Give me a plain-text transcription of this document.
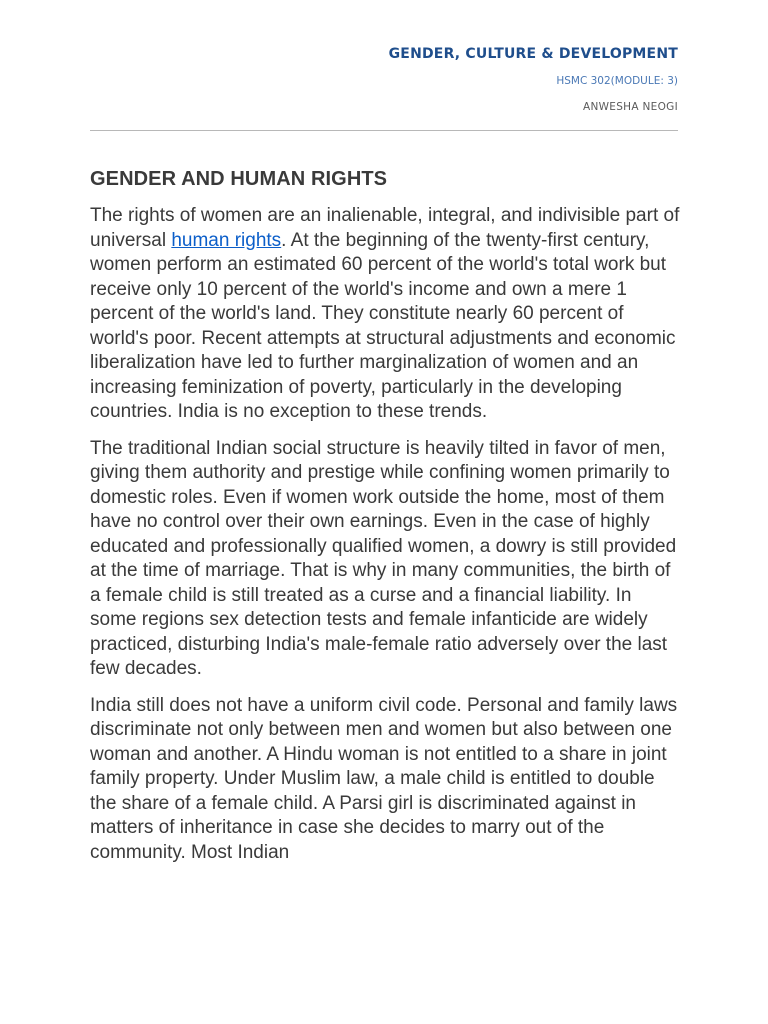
GENDER, CULTURE & DEVELOPMENT
HSMC 302(MODULE: 3)
ANWESHA NEOGI
GENDER AND HUMAN RIGHTS

The rights of women are an inalienable, integral, and indivisible part of universal human rights. At the beginning of the twenty-first century, women perform an estimated 60 percent of the world's total work but receive only 10 percent of the world's income and own a mere 1 percent of the world's land. They constitute nearly 60 percent of world's poor. Recent attempts at structural adjustments and economic liberalization have led to further marginalization of women and an increasing feminization of poverty, particularly in the developing countries. India is no exception to these trends.

The traditional Indian social structure is heavily tilted in favor of men, giving them authority and prestige while confining women primarily to domestic roles. Even if women work outside the home, most of them have no control over their own earnings. Even in the case of highly educated and professionally qualified women, a dowry is still provided at the time of marriage. That is why in many communities, the birth of a female child is still treated as a curse and a financial liability. In some regions sex detection tests and female infanticide are widely practiced, disturbing India's male-female ratio adversely over the last few decades.

India still does not have a uniform civil code. Personal and family laws discriminate not only between men and women but also between one woman and another. A Hindu woman is not entitled to a share in joint family property. Under Muslim law, a male child is entitled to double the share of a female child. A Parsi girl is discriminated against in matters of inheritance in case she decides to marry out of the community. Most Indian
